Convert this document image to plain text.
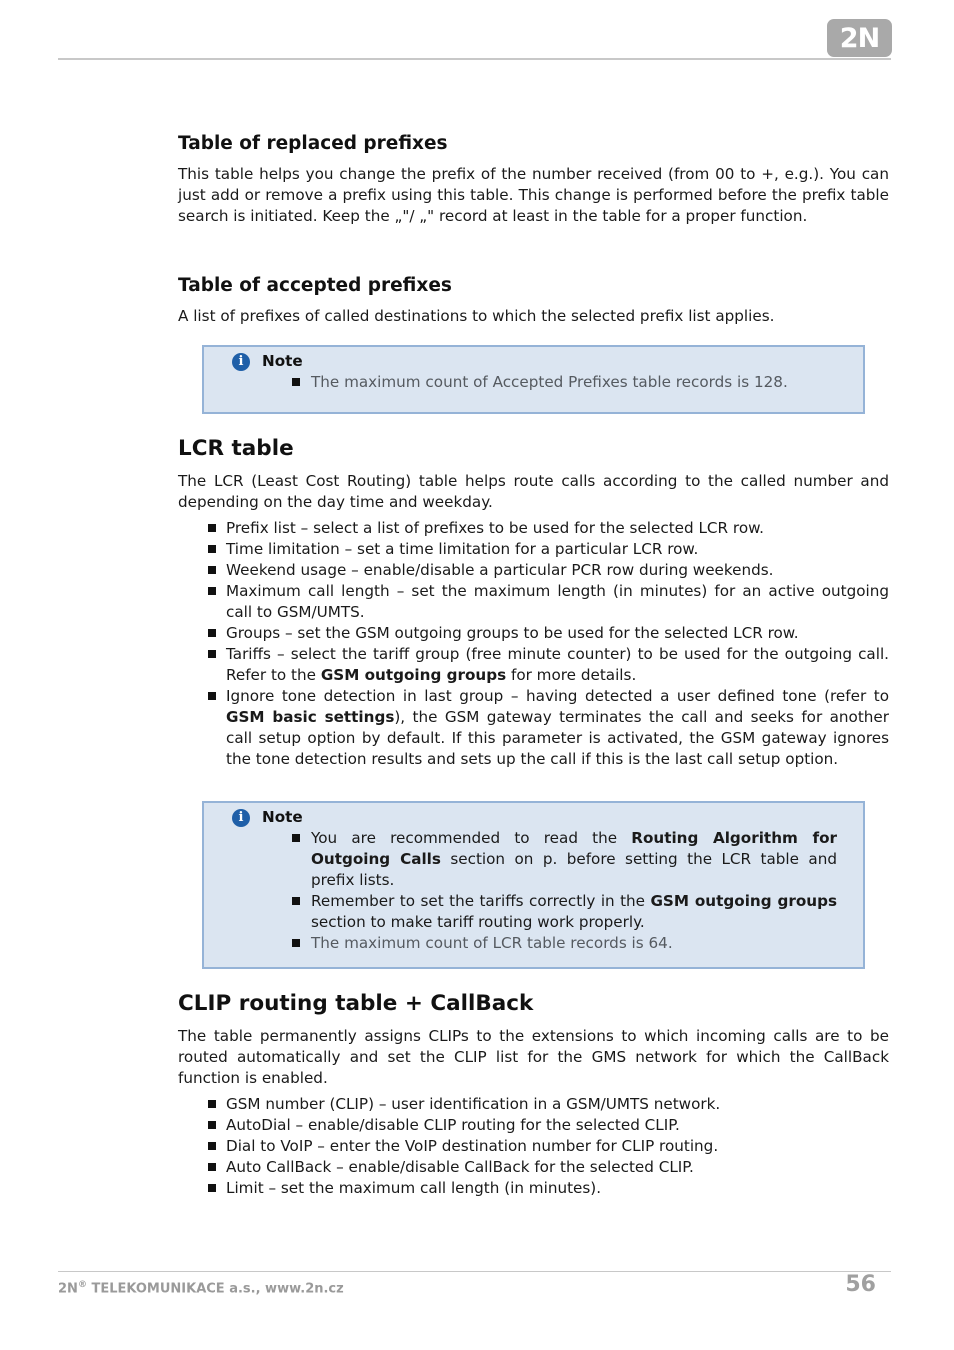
2N
Table of replaced prefixes

This table helps you change the prefix of the number received (from 00 to +, e.g.). You can just add or remove a prefix using this table. This change is performed before the prefix table search is initiated. Keep the „"/ „" record at least in the table for a proper function.

Table of accepted prefixes

A list of prefixes of called destinations to which the selected prefix list applies.

i	Note
The maximum count of Accepted Prefixes table records is 128.
LCR table

The LCR (Least Cost Routing) table helps route calls according to the called number and depending on the day time and weekday.

Prefix list – select a list of prefixes to be used for the selected LCR row.
Time limitation – set a time limitation for a particular LCR row.
Weekend usage – enable/disable a particular PCR row during weekends.
Maximum call length – set the maximum length (in minutes) for an active outgoing call to GSM/UMTS.
Groups – set the GSM outgoing groups to be used for the selected LCR row.
Tariffs – select the tariff group (free minute counter) to be used for the outgoing call. Refer to the GSM outgoing groups for more details.
Ignore tone detection in last group – having detected a user defined tone (refer to GSM basic settings), the GSM gateway terminates the call and seeks for another call setup option by default. If this parameter is activated, the GSM gateway ignores the tone detection results and sets up the call if this is the last call setup option.
i	Note
You are recommended to read the Routing Algorithm for Outgoing Calls section on p. before setting the LCR table and prefix lists.
Remember to set the tariffs correctly in the GSM outgoing groups section to make tariff routing work properly.
The maximum count of LCR table records is 64.
CLIP routing table + CallBack

The table permanently assigns CLIPs to the extensions to which incoming calls are to be routed automatically and set the CLIP list for the GMS network for which the CallBack function is enabled.

GSM number (CLIP) – user identification in a GSM/UMTS network.
AutoDial – enable/disable CLIP routing for the selected CLIP.
Dial to VoIP – enter the VoIP destination number for CLIP routing.
Auto CallBack – enable/disable CallBack for the selected CLIP.
Limit – set the maximum call length (in minutes).
2N® TELEKOMUNIKACE a.s., www.2n.cz	56
